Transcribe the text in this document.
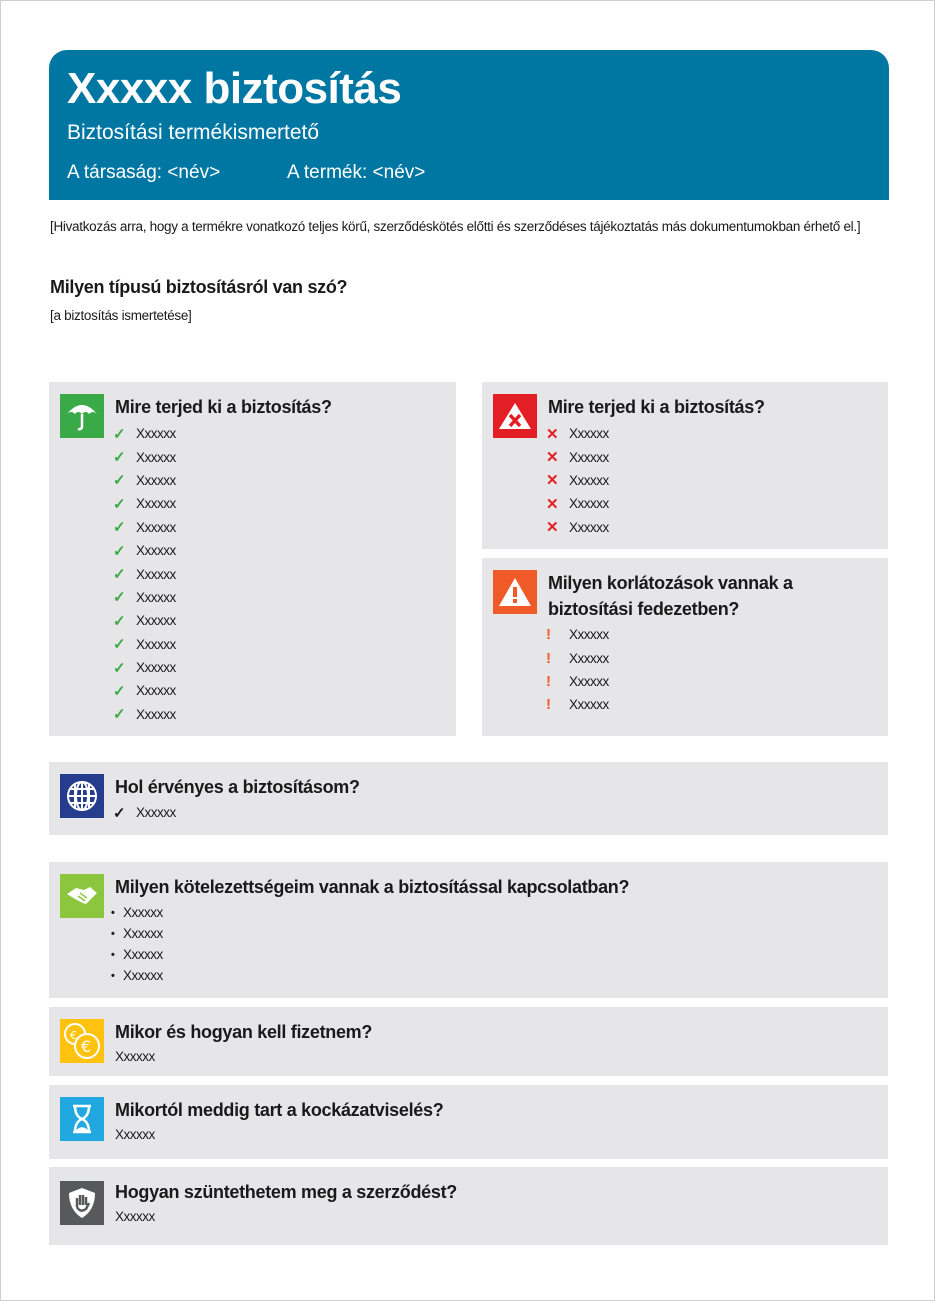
Xxxxx biztosítás
Biztosítási termékismertető
A társaság: <név>	A termék: <név>
[Hivatkozás arra, hogy a termékre vonatkozó teljes körű, szerződéskötés előtti és szerződéses tájékoztatás más dokumentumokban érhető el.]
Milyen típusú biztosításról van szó?
[a biztosítás ismertetése]
Mire terjed ki a biztosítás?
✓ Xxxxxx
✓ Xxxxxx
✓ Xxxxxx
✓ Xxxxxx
✓ Xxxxxx
✓ Xxxxxx
✓ Xxxxxx
✓ Xxxxxx
✓ Xxxxxx
✓ Xxxxxx
✓ Xxxxxx
✓ Xxxxxx
✓ Xxxxxx
Mire terjed ki a biztosítás?
✕ Xxxxxx
✕ Xxxxxx
✕ Xxxxxx
✕ Xxxxxx
✕ Xxxxxx
Milyen korlátozások vannak a biztosítási fedezetben?
!	Xxxxxx
!	Xxxxxx
!	Xxxxxx
!	Xxxxxx
Hol érvényes a biztosításom?
✓ Xxxxxx
Milyen kötelezettségeim vannak a biztosítással kapcsolatban?
• Xxxxxx
• Xxxxxx
• Xxxxxx
• Xxxxxx
€
€ Mikor és hogyan kell fizetnem?
Xxxxxx
Mikortól meddig tart a kockázatviselés?
Xxxxxx
Hogyan szüntethetem meg a szerződést?
Xxxxxx
